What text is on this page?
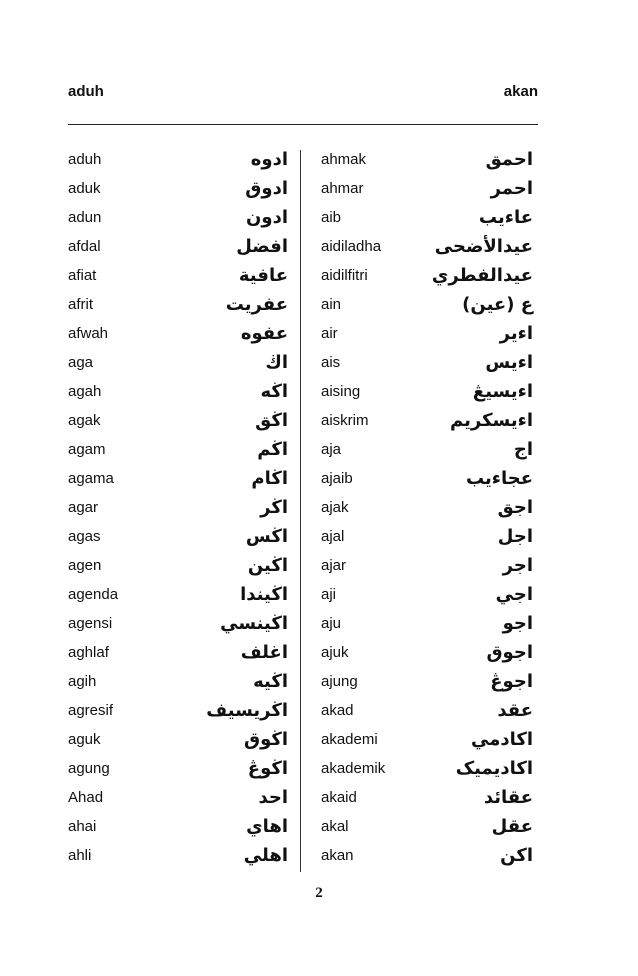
aduh	akan
aduh	ادوه
aduk	ادوق
adun	ادون
afdal	افضل
afiat	عافية
afrit	عفريت
afwah	عفوه
aga	اڬ
agah	اڬه
agak	اڬق
agam	اڬم
agama	اڬام
agar	اڬر
agas	اڬس
agen	اڬين
agenda	اڬيندا
agensi	اڬينسي
aghlaf	اغلف
agih	اڬيه
agresif	اڬريسيف
aguk	اڬوق
agung	اڬوڠ
Ahad	احد
ahai	اهاي
ahli	اهلي
ahmak	احمق
ahmar	احمر
aib	عاءيب
aidiladha	عيدالأضحى
aidilfitri	عيدالفطري
ain	ع (عين)
air	اءير
ais	اءيس
aising	اءيسيڠ
aiskrim	اءيسكريم
aja	اج
ajaib	عجاءيب
ajak	اجق
ajal	اجل
ajar	اجر
aji	اجي
aju	اجو
ajuk	اجوق
ajung	اجوڠ
akad	عقد
akademi	اکادمي
akademik	اکاديميک
akaid	عقائد
akal	عقل
akan	اکن
2
